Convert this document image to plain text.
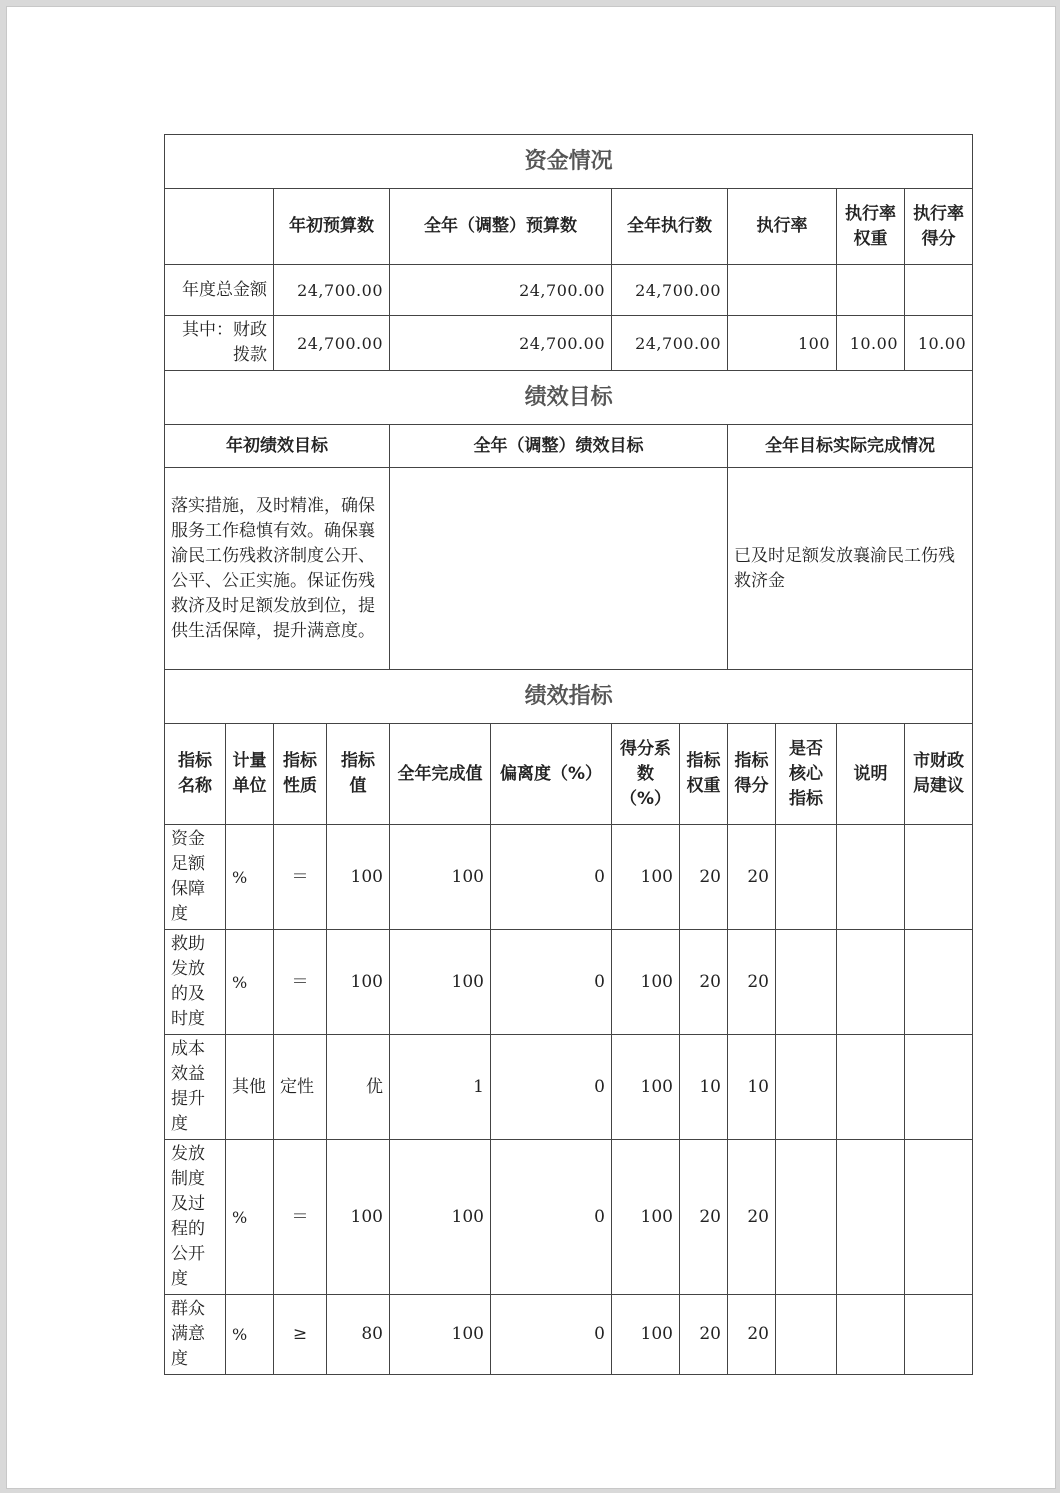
资金情况											
		年初预算数		全年（调整）预算数		全年执行数		执行率		执行率权重	执行率得分
年度总金额		24,700.00		24,700.00		24,700.00					
其中：财政拨款		24,700.00		24,700.00		24,700.00		100		10.00	10.00
绩效目标											
年初绩效目标				全年（调整）绩效目标				全年目标实际完成情况			
落实措施，及时精准，确保服务工作稳慎有效。确保襄渝民工伤残救济制度公开、公平、公正实施。保证伤残救济及时足额发放到位，提供生活保障，提升满意度。								已及时足额发放襄渝民工伤残救济金			
绩效指标											
指标名称	计量单位	指标性质	指标值	全年完成值	偏离度（%）	得分系数（%）	指标权重	指标得分	是否核心指标	说明	市财政局建议
资金足额保障度	%	＝	100	100	0	100	20	20			
救助发放的及时度	%	＝	100	100	0	100	20	20			
成本效益提升度	其他	定性	优	1	0	100	10	10			
发放制度及过程的公开度	%	＝	100	100	0	100	20	20			
群众满意度	%	≥	80	100	0	100	20	20			
